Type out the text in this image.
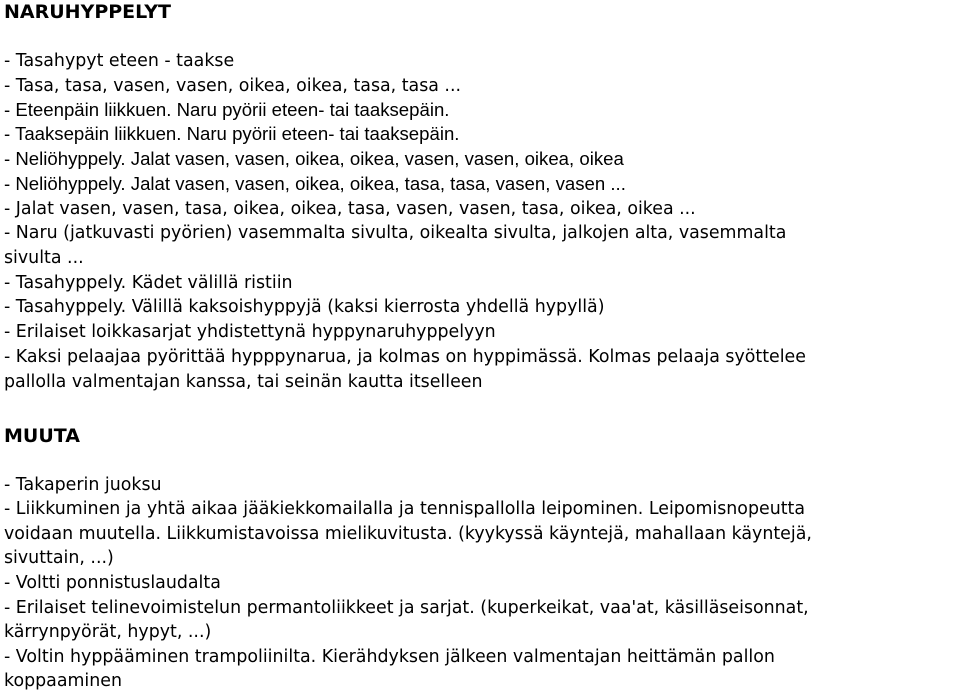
NARUHYPPELYT

- Tasahypyt eteen - taakse

- Tasa, tasa, vasen, vasen, oikea, oikea, tasa, tasa ...

- Eteenpäin liikkuen. Naru pyörii eteen- tai taaksepäin.

- Taaksepäin liikkuen. Naru pyörii eteen- tai taaksepäin.

- Neliöhyppely. Jalat vasen, vasen, oikea, oikea, vasen, vasen, oikea, oikea

- Neliöhyppely. Jalat vasen, vasen, oikea, oikea, tasa, tasa, vasen, vasen ...

- Jalat vasen, vasen, tasa, oikea, oikea, tasa, vasen, vasen, tasa, oikea, oikea ...

- Naru (jatkuvasti pyörien) vasemmalta sivulta, oikealta sivulta, jalkojen alta, vasemmalta

sivulta ...

- Tasahyppely. Kädet välillä ristiin

- Tasahyppely. Välillä kaksoishyppyjä (kaksi kierrosta yhdellä hypyllä)

- Erilaiset loikkasarjat yhdistettynä hyppynaruhyppelyyn

- Kaksi pelaajaa pyörittää hypppynarua, ja kolmas on hyppimässä. Kolmas pelaaja syöttelee

pallolla valmentajan kanssa, tai seinän kautta itselleen

MUUTA

- Takaperin juoksu

- Liikkuminen ja yhtä aikaa jääkiekkomailalla ja tennispallolla leipominen. Leipomisnopeutta

voidaan muutella. Liikkumistavoissa mielikuvitusta. (kyykyssä käyntejä, mahallaan käyntejä,

sivuttain, ...)

- Voltti ponnistuslaudalta

- Erilaiset telinevoimistelun permantoliikkeet ja sarjat. (kuperkeikat, vaa'at, käsilläseisonnat,

kärrynpyörät, hypyt, ...)

- Voltin hyppääminen trampoliinilta. Kierähdyksen jälkeen valmentajan heittämän pallon

koppaaminen
